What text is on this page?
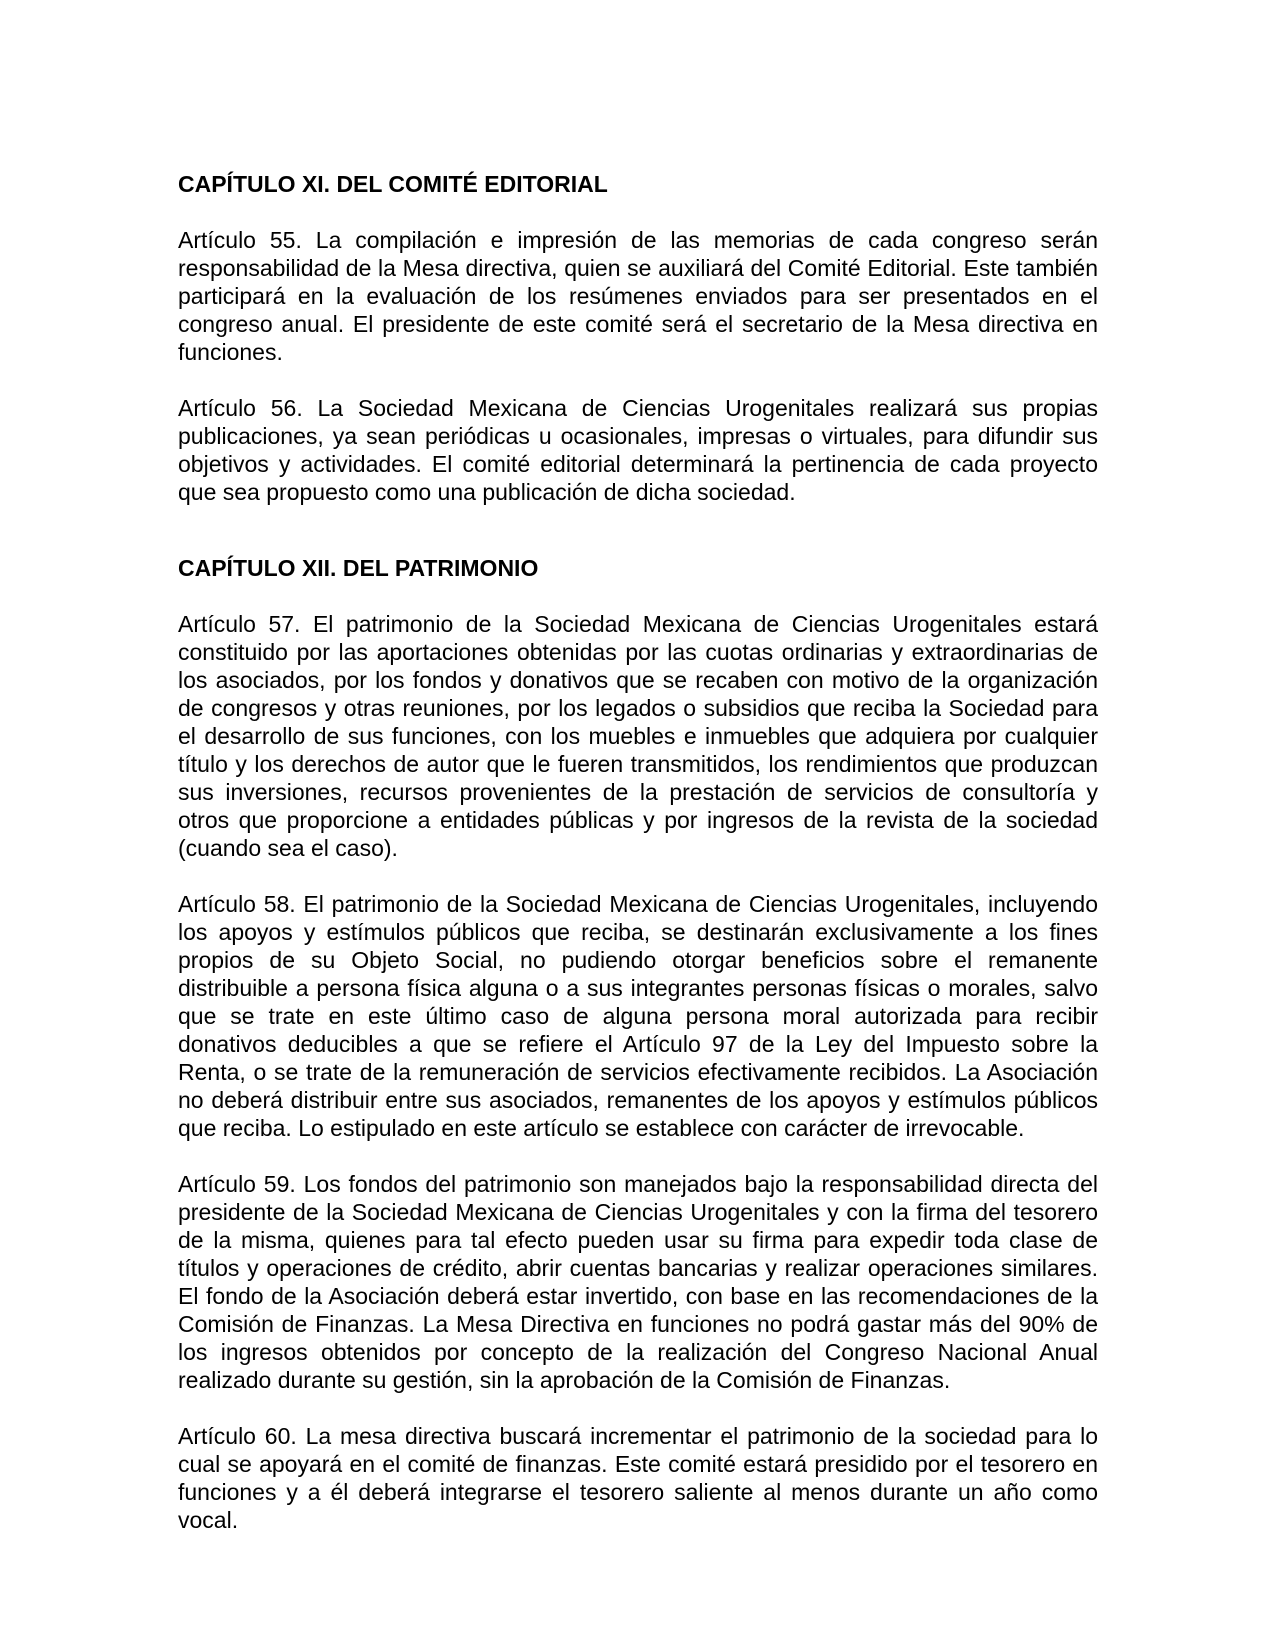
CAPÍTULO XI. DEL COMITÉ EDITORIAL

Artículo 55. La compilación e impresión de las memorias de cada congreso serán responsabilidad de la Mesa directiva, quien se auxiliará del Comité Editorial. Este también participará en la evaluación de los resúmenes enviados para ser presentados en el congreso anual. El presidente de este comité será el secretario de la Mesa directiva en funciones.

Artículo 56. La Sociedad Mexicana de Ciencias Urogenitales realizará sus propias publicaciones, ya sean periódicas u ocasionales, impresas o virtuales, para difundir sus objetivos y actividades. El comité editorial determinará la pertinencia de cada proyecto que sea propuesto como una publicación de dicha sociedad.

CAPÍTULO XII. DEL PATRIMONIO

Artículo 57. El patrimonio de la Sociedad Mexicana de Ciencias Urogenitales estará constituido por las aportaciones obtenidas por las cuotas ordinarias y extraordinarias de los asociados, por los fondos y donativos que se recaben con motivo de la organización de congresos y otras reuniones, por los legados o subsidios que reciba la Sociedad para el desarrollo de sus funciones, con los muebles e inmuebles que adquiera por cualquier título y los derechos de autor que le fueren transmitidos, los rendimientos que produzcan sus inversiones, recursos provenientes de la prestación de servicios de consultoría y otros que proporcione a entidades públicas y por ingresos de la revista de la sociedad (cuando sea el caso).

Artículo 58. El patrimonio de la Sociedad Mexicana de Ciencias Urogenitales, incluyendo los apoyos y estímulos públicos que reciba, se destinarán exclusivamente a los fines propios de su Objeto Social, no pudiendo otorgar beneficios sobre el remanente distribuible a persona física alguna o a sus integrantes personas físicas o morales, salvo que se trate en este último caso de alguna persona moral autorizada para recibir donativos deducibles a que se refiere el Artículo 97 de la Ley del Impuesto sobre la Renta, o se trate de la remuneración de servicios efectivamente recibidos. La Asociación no deberá distribuir entre sus asociados, remanentes de los apoyos y estímulos públicos que reciba. Lo estipulado en este artículo se establece con carácter de irrevocable.

Artículo 59. Los fondos del patrimonio son manejados bajo la responsabilidad directa del presidente de la Sociedad Mexicana de Ciencias Urogenitales y con la firma del tesorero de la misma, quienes para tal efecto pueden usar su firma para expedir toda clase de títulos y operaciones de crédito, abrir cuentas bancarias y realizar operaciones similares. El fondo de la Asociación deberá estar invertido, con base en las recomendaciones de la Comisión de Finanzas. La Mesa Directiva en funciones no podrá gastar más del 90% de los ingresos obtenidos por concepto de la realización del Congreso Nacional Anual realizado durante su gestión, sin la aprobación de la Comisión de Finanzas.

Artículo 60. La mesa directiva buscará incrementar el patrimonio de la sociedad para lo cual se apoyará en el comité de finanzas. Este comité estará presidido por el tesorero en funciones y a él deberá integrarse el tesorero saliente al menos durante un año como vocal.
